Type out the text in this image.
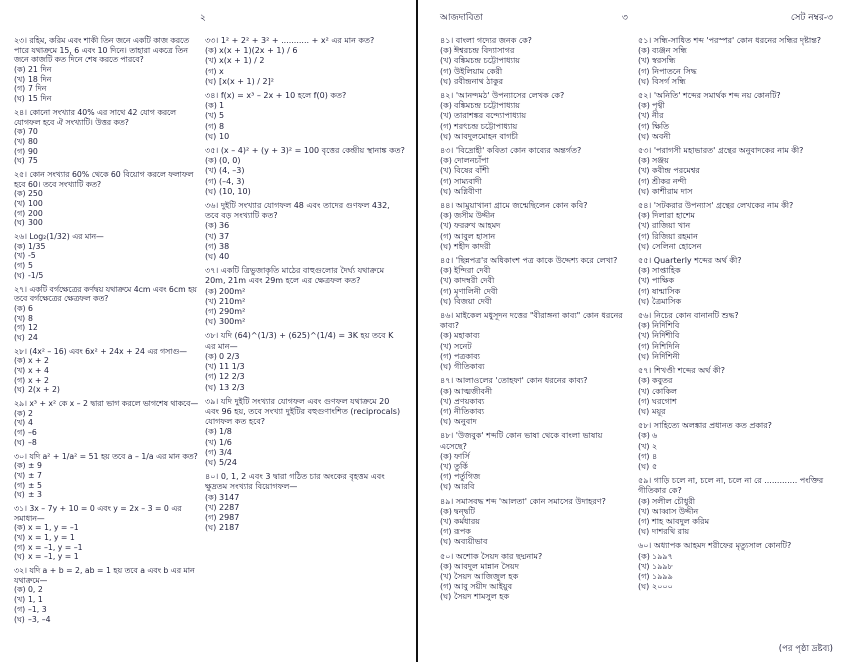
২
২৩। রহিম, করিম এবং শাকী তিন জনে একটি কাজ করতে পারে যথাক্রমে 15, 6 এবং 10 দিনে। তাহারা একত্রে তিন জনে কাজটি কত দিনে শেষ করতে পারবে?
(ক) 21 দিন
(খ) 18 দিন
(গ) 7 দিন
(ঘ) 15 দিন
২৪। কোনো সংখ্যার 40% এর সাথে 42 যোগ করলে যোগফল হবে ঐ সংখ্যাটি। উত্তর কত?
(ক) 70
(খ) 80
(গ) 90
(ঘ) 75
২৫। কোন সংখ্যার 60% থেকে 60 বিয়োগ করলে ফলাফল হবে 60। তবে সংখ্যাটি কত?
(ক) 250
(খ) 100
(গ) 200
(ঘ) 300
২৬। Log₂(1/32) এর মান—
(ক) 1/35
(খ) -5
(গ) 5
(ঘ) -1/5
২৭। একটি বর্গক্ষেত্রের কর্ণদ্বয় যথাক্রমে 4cm এবং 6cm হয় তবে বর্গক্ষেত্রের ক্ষেত্রফল কত?
(ক) 6
(খ) 8
(গ) 12
(ঘ) 24
২৮। (4x² – 16) এবং 6x² + 24x + 24 এর গসাগু—
(ক) x + 2
(খ) x + 4
(গ) x + 2
(ঘ) 2(x + 2)
২৯। x³ + x² কে x – 2 দ্বারা ভাগ করলে ভাগশেষ থাকবে—
(ক) 2
(খ) 4
(গ) –6
(ঘ) –8
৩০। যদি a² + 1/a² = 51 হয় তবে a – 1/a এর মান কত?
(ক) ± 9
(খ) ± 7
(গ) ± 5
(ঘ) ± 3
৩১। 3x – 7y + 10 = 0 এবং y = 2x – 3 = 0 এর সমাধান—
(ক) x = 1, y = –1
(খ) x = 1, y = 1
(গ) x = –1, y = –1
(ঘ) x = –1, y = 1
৩২। যদি a + b = 2, ab = 1 হয় তবে a এবং b এর মান যথাক্রমে—
(ক) 0, 2
(খ) 1, 1
(গ) –1, 3
(ঘ) –3, –4
৩৩। 1² + 2² + 3² + ........... + x² এর মান কত?
(ক) x(x + 1)(2x + 1) / 6
(খ) x(x + 1) / 2
(গ) x
(ঘ) [x(x + 1) / 2]²
৩৪। f(x) = x³ – 2x + 10 হলে f(0) কত?
(ক) 1
(খ) 5
(গ) 8
(ঘ) 10
৩৫। (x – 4)² + (y + 3)² = 100 বৃত্তের কেন্দ্রীয় স্থানাঙ্ক কত?
(ক) (0, 0)
(খ) (4, –3)
(গ) (–4, 3)
(ঘ) (10, 10)
৩৬। দুইটি সংখ্যার যোগফল 48 এবং তাদের গুণফল 432, তবে বড় সংখ্যাটি কত?
(ক) 36
(খ) 37
(গ) 38
(ঘ) 40
৩৭। একটি ত্রিভুজাকৃতি মাঠের বাহুগুলোর দৈর্ঘ্য যথাক্রমে 20m, 21m এবং 29m হলে এর ক্ষেত্রফল কত?
(ক) 200m²
(খ) 210m²
(গ) 290m²
(ঘ) 300m²
৩৮। যদি (64)^(1/3) + (625)^(1/4) = 3K হয় তবে K এর মান—
(ক) 0 2/3
(খ) 11 1/3
(গ) 12 2/3
(ঘ) 13 2/3
৩৯। যদি দুইটি সংখ্যার যোগফল এবং গুণফল যথাক্রমে 20 এবং 96 হয়, তবে সংখ্যা দুইটির বহুগুণাংশিত (reciprocals) যোগফল কত হবে?
(ক) 1/8
(খ) 1/6
(গ) 3/4
(ঘ) 5/24
৪০। 0, 1, 2 এবং 3 দ্বারা গঠিত চার অংকের বৃহত্তম এবং ক্ষুদ্রতম সংখ্যার বিয়োগফল—
(ক) 3147
(খ) 2287
(গ) 2987
(ঘ) 2187
আজদাবিতা	৩	সেট নম্বর-৩
৪১। বাংলা গদ্যের জনক কে?
(ক) ঈশ্বরচন্দ্র বিদ্যাসাগর
(খ) বঙ্কিমচন্দ্র চট্টোপাধ্যায়
(গ) উইলিয়াম কেরী
(ঘ) রবীন্দ্রনাথ ঠাকুর
৪২। 'আনন্দমঠ' উপন্যাসের লেখক কে?
(ক) বঙ্কিমচন্দ্র চট্টোপাধ্যায়
(খ) তারাশঙ্কর বন্দ্যোপাধ্যায়
(গ) শরৎচন্দ্র চট্টোপাধ্যায়
(ঘ) আবদুলমোহন বাগচী
৪৩। 'বিদ্রোহী' কবিতা কোন কাব্যের অন্তর্গত?
(ক) দোলনচাঁপা
(খ) বিষের বাঁশী
(গ) সাম্যবাদী
(ঘ) অগ্নিবীণা
৪৪। আমুয়াখানা গ্রামে জন্মেছিলেন কোন কবি?
(ক) জসীম উদ্দীন
(খ) ফররুখ আহমদ
(গ) আবুল হাসান
(ঘ) শহীদ কাদরী
৪৫। 'ছিন্নপত্র'র অধিকাংশ পত্র কাকে উদ্দেশ্য করে লেখা?
(ক) ইন্দিরা দেবী
(খ) কাদম্বরী দেবী
(গ) মৃণালিনী দেবী
(ঘ) বিজয়া দেবী
৪৬। মাইকেল মধুসূদন দত্তের "বীরাঙ্গনা কাব্য" কোন ধরনের কাব্য?
(ক) মহাকাব্য
(খ) সনেট
(গ) পত্রকাব্য
(ঘ) গীতিকাব্য
৪৭। আলাওলের 'তোহফা' কোন ধরনের কাব্য?
(ক) আত্মজীবনী
(খ) প্রণয়কাব্য
(গ) নীতিকাব্য
(ঘ) অনুবাদ
৪৮। 'উজবুক' শব্দটি কোন ভাষা থেকে বাংলা ভাষায় এসেছে?
(ক) ফার্সি
(খ) তুর্কি
(গ) পর্তুগিজ
(ঘ) আরবি
৪৯। সমাসবদ্ধ শব্দ 'আলতা' কোন সমাসের উদাহরণ?
(ক) দ্বন্দ্বটি
(খ) কর্মধারয়
(গ) রূপক
(ঘ) অব্যয়ীভাব
৫০। অশোক সৈয়দ কার ছদ্মনাম?
(ক) আবদুল মান্নান সৈয়দ
(খ) সৈয়দ আজিজুল হক
(গ) আবু সয়ীদ আইয়ুব
(ঘ) সৈয়দ শামসুল হক
৫১। সন্ধি-সাধিত শব্দ 'পরস্পর' কোন ধরনের সন্ধির দৃষ্টান্ত?
(ক) ব্যঞ্জন সন্ধি
(খ) স্বরসন্ধি
(গ) নিপাতনে সিদ্ধ
(ঘ) বিসর্গ সন্ধি
৫২। 'অনিতি' শব্দের সমার্থক শব্দ নয় কোনটি?
(ক) পৃথ্বী
(খ) নীর
(গ) ক্ষিতি
(ঘ) অবনী
৫৩। 'পরাগসী মহাভারত' গ্রন্থের অনুবাদকের নাম কী?
(ক) সঞ্জয়
(খ) কবীন্দ্র পরমেশ্বর
(গ) শ্রীকর নন্দী
(ঘ) কাশীরাম দাস
৫৪। 'সটকরার উপন্যাস' গ্রন্থের লেখকের নাম কী?
(ক) দিলারা হাশেম
(খ) রাজিয়া খান
(গ) রিজিয়া রহমান
(ঘ) সেলিনা হোসেন
৫৫। Quarterly শব্দের অর্থ কী?
(ক) সাপ্তাহিক
(খ) পাক্ষিক
(গ) ষান্মাসিক
(ঘ) ত্রৈমাসিক
৫৬। নিচের কোন বানানটি শুদ্ধ?
(ক) নির্দিশিবি
(খ) নির্দিশীবি
(গ) নিশিদিনি
(ঘ) নির্দিশিনী
৫৭। শিখণ্ডী শব্দের অর্থ কী?
(ক) কবুতর
(খ) কোকিল
(গ) ঘরগোশ
(ঘ) ময়ূর
৫৮। সাহিত্যে অলঙ্কার প্রধানত কত প্রকার?
(ক) ৬
(খ) ২
(গ) ৪
(ঘ) ৫
৫৯। গাড়ি চলে না, চলে না, চলে না রে ............. পংক্তির গীতিকার কে?
(ক) সলীল চৌধুরী
(খ) আব্বাস উদ্দীন
(গ) শাহ আবদুল করিম
(ঘ) দাশরথি রায়
৬০। অধ্যাপক আহমদ শরীফের মৃত্যুসাল কোনটি?
(ক) ১৯৯৭
(খ) ১৯৯৮
(গ) ১৯৯৯
(ঘ) ২০০০
(পর পৃষ্ঠা দ্রষ্টব্য)
